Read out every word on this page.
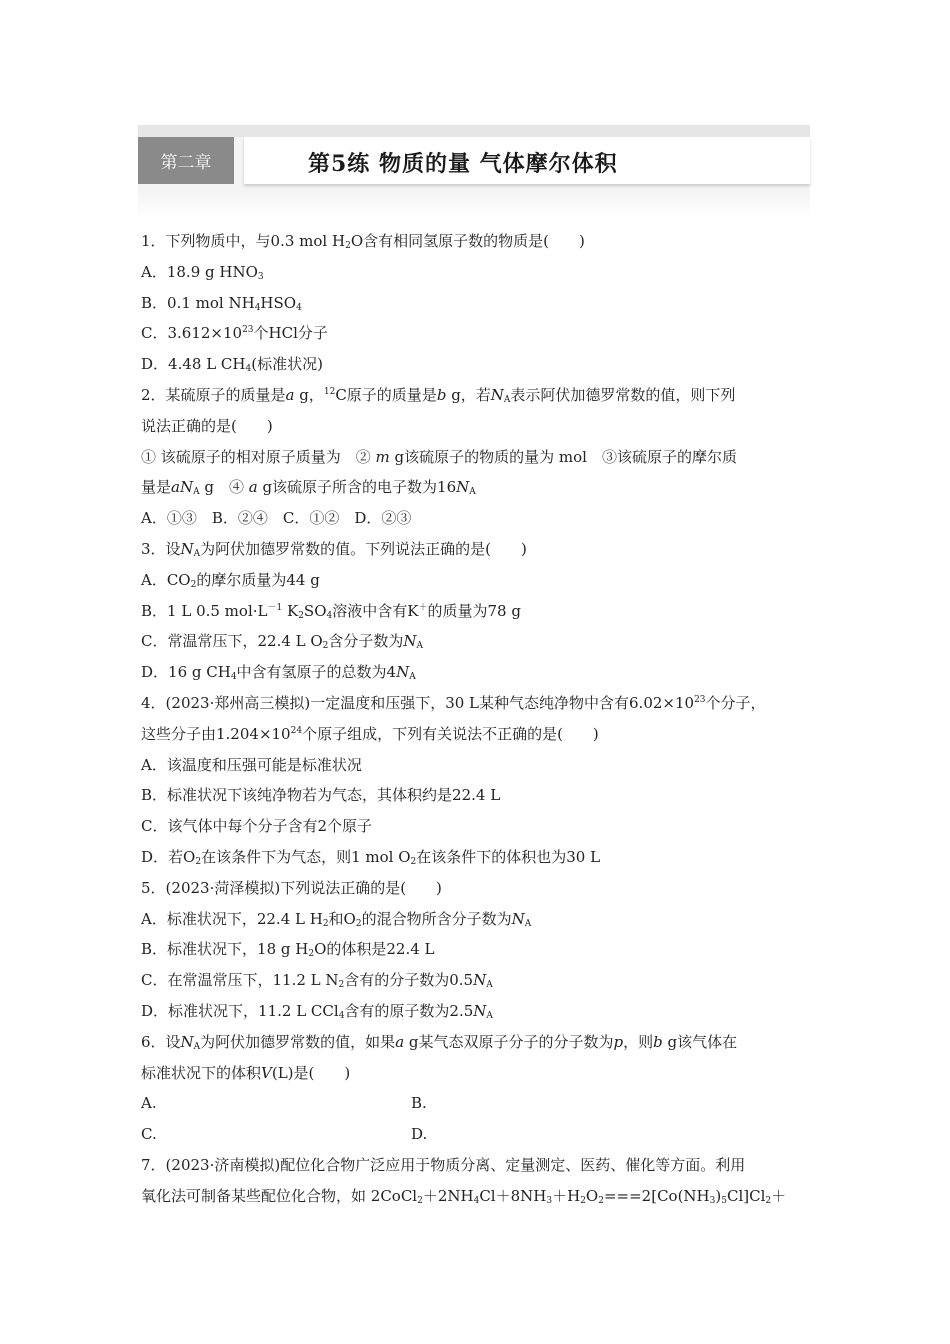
第二章	第5练 物质的量 气体摩尔体积
1．下列物质中，与0.3 mol $H_2O$含有相同氢原子数的物质是(　　)
A．18.9 g $HNO_3$
B．0.1 mol $NH_4HSO_4$
C．$3.612\times 10^{23}$个HCl分子
D．4.48 L $CH_4$(标准状况)
2．某硫原子的质量是a g，$^{12}$C原子的质量是b g，若$N_A$表示阿伏加德罗常数的值，则下列
说法正确的是(　　)
① 该硫原子的相对原子质量为　② m g该硫原子的物质的量为 mol　③该硫原子的摩尔质
量是$aN_A$ g　④ a g该硫原子所含的电子数为$16N_A$
A．①③　B．②④　C．①②　D．②③
3．设$N_A$为阿伏加德罗常数的值。下列说法正确的是(　　)
A．$CO_2$的摩尔质量为44 g
B．1 L 0.5 $mol\cdot L^{-1}$ $K_2SO_4$溶液中含有K＋的质量为78 g
C．常温常压下，22.4 L $O_2$含分子数为$N_A$
D．16 g $CH_4$中含有氢原子的总数为$4N_A$
4．(2023·郑州高三模拟)一定温度和压强下，30 L某种气态纯净物中含有$6.02\times 10^{23}$个分子，
这些分子由$1.204\times 10^{24}$个原子组成，下列有关说法不正确的是(　　)
A．该温度和压强可能是标准状况
B．标准状况下该纯净物若为气态，其体积约是22.4 L
C．该气体中每个分子含有2个原子
D．若$O_2$在该条件下为气态，则1 mol $O_2$在该条件下的体积也为30 L
5．(2023·菏泽模拟)下列说法正确的是(　　)
A．标准状况下，22.4 L $H_2$和$O_2$的混合物所含分子数为$N_A$
B．标准状况下，18 g $H_2O$的体积是22.4 L
C．在常温常压下，11.2 L $N_2$含有的分子数为$0.5N_A$
D．标准状况下，11.2 L CCl$_4$含有的原子数为$2.5N_A$
6．设$N_A$为阿伏加德罗常数的值，如果a g某气态双原子分子的分子数为p，则b g该气体在
标准状况下的体积V(L)是(　　)
A.	B.
C.	D.
7．(2023·济南模拟)配位化合物广泛应用于物质分离、定量测定、医药、催化等方面。利用
氧化法可制备某些配位化合物，如 $2CoCl_2+2NH_4Cl+8NH_3+H_2O_2===2[Co(NH_3)_5Cl]Cl_2+$
